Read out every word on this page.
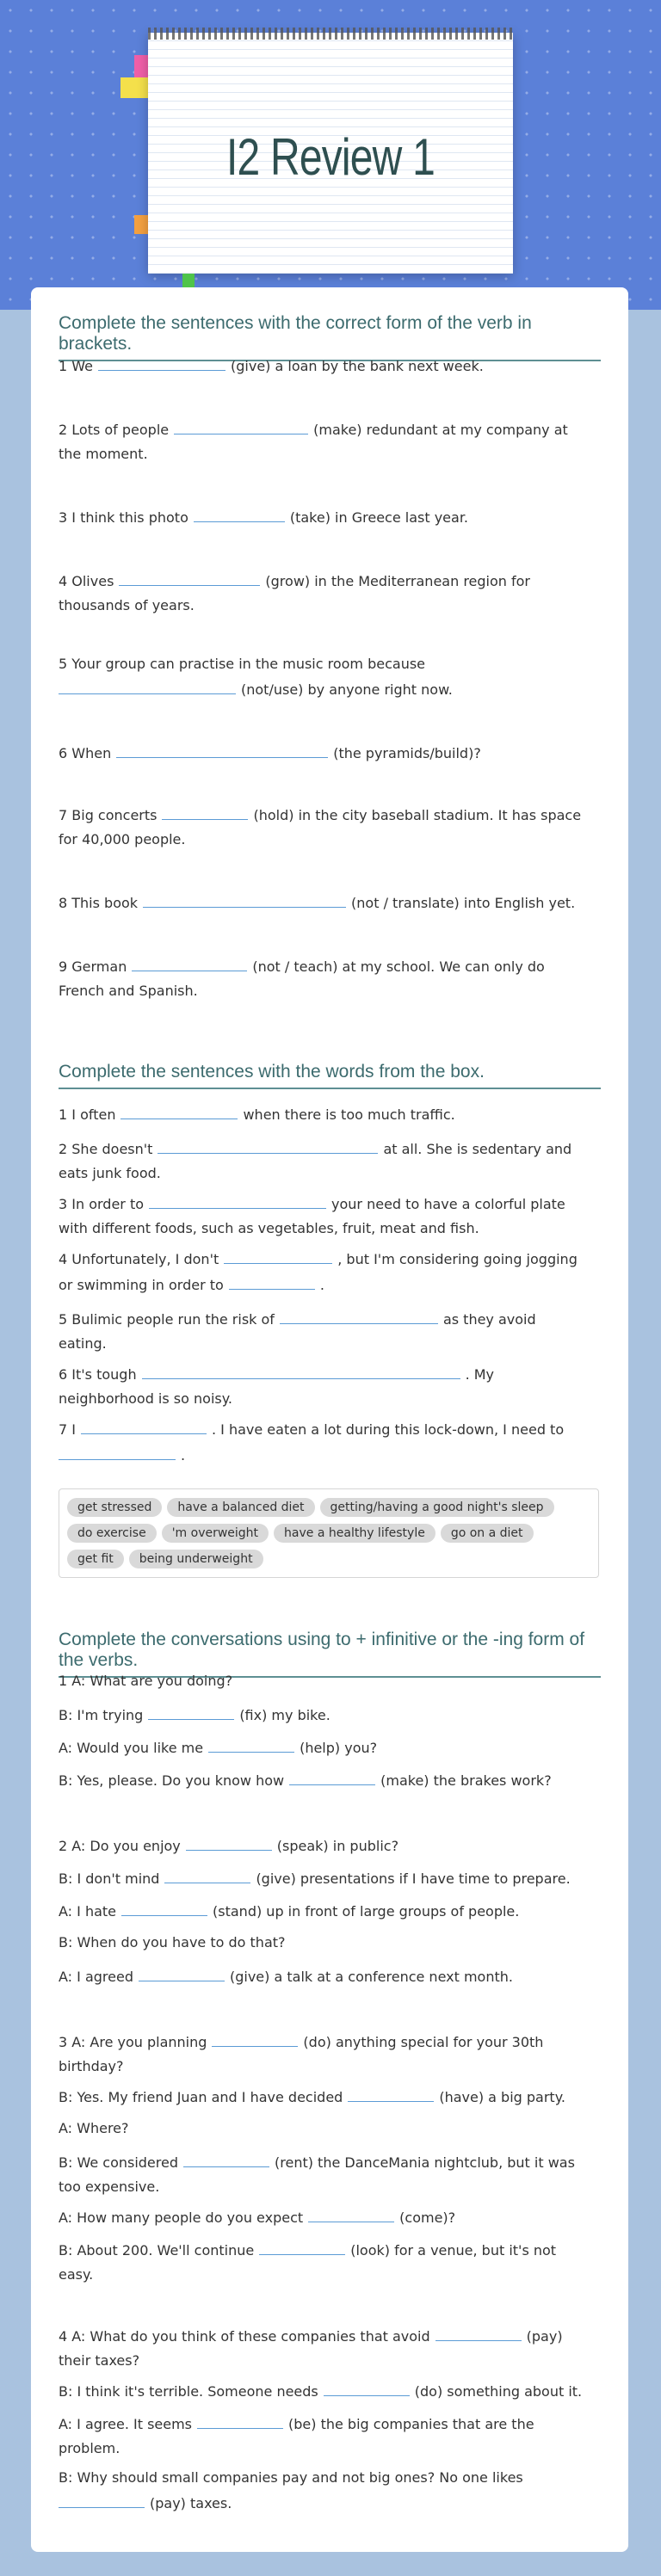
I2 Review 1
Complete the sentences with the correct form of the verb in brackets.
1 We	(give) a loan by the bank next week.
2 Lots of people	(make) redundant at my company at
the moment.
3 I think this photo	(take) in Greece last year.
4 Olives	(grow) in the Mediterranean region for
thousands of years.
5 Your group can practise in the music room because
(not/use) by anyone right now.
6 When	(the pyramids/build)?
7 Big concerts	(hold) in the city baseball stadium. It has space
for 40,000 people.
8 This book	(not / translate) into English yet.
9 German	(not / teach) at my school. We can only do
French and Spanish.
Complete the sentences with the words from the box.
1 I often	when there is too much traffic.
2 She doesn't	at all. She is sedentary and
eats junk food.
3 In order to	your need to have a colorful plate
with different foods, such as vegetables, fruit, meat and fish.
4 Unfortunately, I don't	, but I'm considering going jogging
or swimming in order to	.
5 Bulimic people run the risk of	as they avoid
eating.
6 It's tough	. My
neighborhood is so noisy.
7 I	. I have eaten a lot during this lock-down, I need to
.
get stressed have a balanced diet getting/having a good night's sleepdo exercise 'm overweight have a healthy lifestyle go on a dietget fit being underweight
Complete the conversations using to + infinitive or the -ing form of the verbs.
1 A: What are you doing?
B: I'm trying	(fix) my bike.
A: Would you like me	(help) you?
B: Yes, please. Do you know how	(make) the brakes work?
2 A: Do you enjoy	(speak) in public?
B: I don't mind	(give) presentations if I have time to prepare.
A: I hate	(stand) up in front of large groups of people.
B: When do you have to do that?
A: I agreed	(give) a talk at a conference next month.
3 A: Are you planning	(do) anything special for your 30th
birthday?
B: Yes. My friend Juan and I have decided	(have) a big party.
A: Where?
B: We considered	(rent) the DanceMania nightclub, but it was
too expensive.
A: How many people do you expect	(come)?
B: About 200. We'll continue	(look) for a venue, but it's not
easy.
4 A: What do you think of these companies that avoid	(pay)
their taxes?
B: I think it's terrible. Someone needs	(do) something about it.
A: I agree. It seems	(be) the big companies that are the
problem.
B: Why should small companies pay and not big ones? No one likes
(pay) taxes.
